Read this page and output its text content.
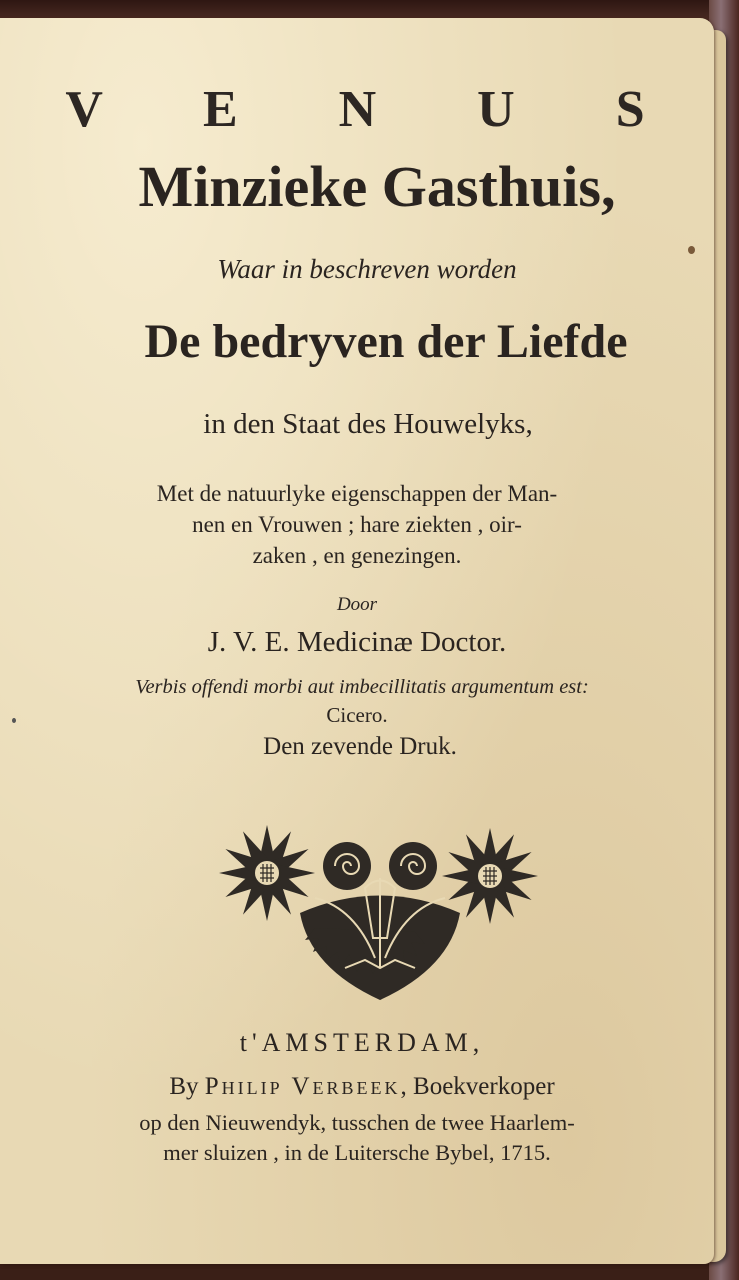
V E N U S
Minzieke Gasthuis,
Waar in beschreven worden
De bedryven der Liefde
in den Staat des Houwelyks,
Met de natuurlyke eigenschappen der Man-
nen en Vrouwen ; hare ziekten , oir-
zaken , en genezingen.
Door
J. V. E. Medicinæ Doctor.
Verbis offendi morbi aut imbecillitatis argumentum est:
Cicero.
Den zevende Druk.
t'AMSTERDAM,
By Philip Verbeek, Boekverkoper
op den Nieuwendyk, tusschen de twee Haarlem-
mer sluizen , in de Luitersche Bybel, 1715.
